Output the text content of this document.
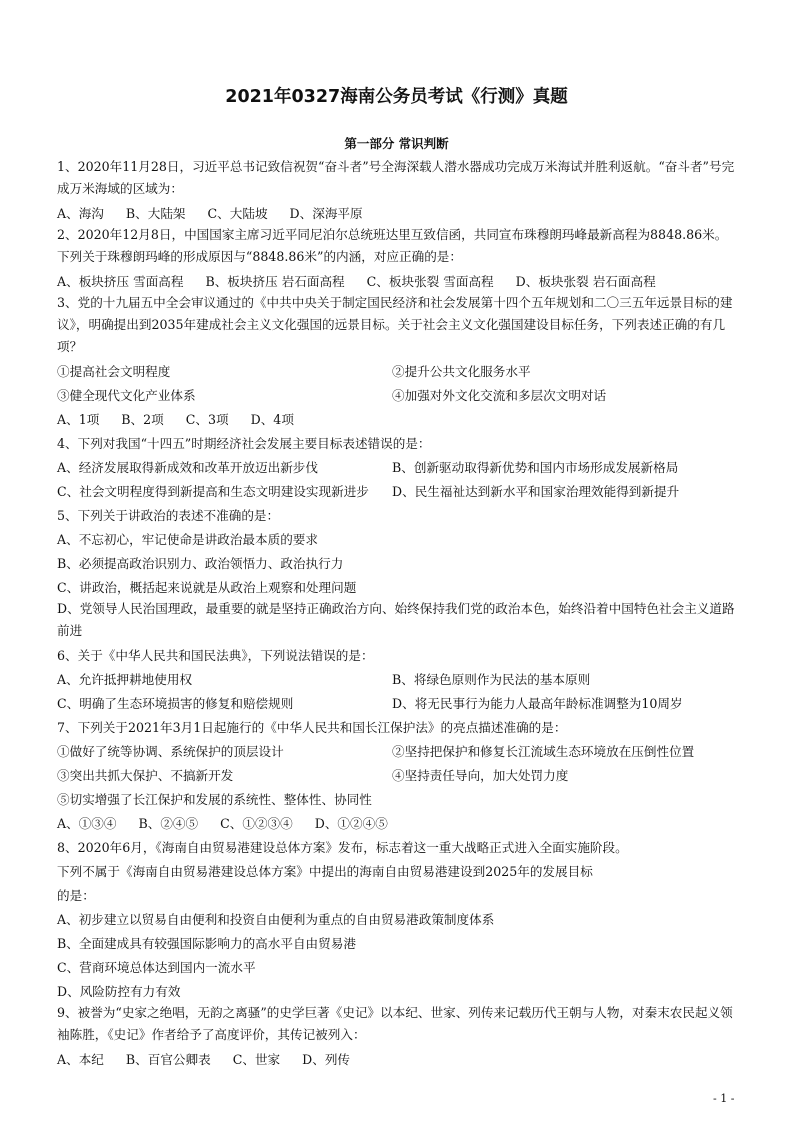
2021年0327海南公务员考试《行测》真题
第一部分 常识判断

1、2020年11月28日，习近平总书记致信祝贺“奋斗者”号全海深载人潜水器成功完成万米海试并胜利返航。“奋斗者”号完成万米海域的区域为：

A、海沟 B、大陆架 C、大陆坡 D、深海平原

2、2020年12月8日，中国国家主席习近平同尼泊尔总统班达里互致信函，共同宣布珠穆朗玛峰最新高程为8848.86米。下列关于珠穆朗玛峰的形成原因与“8848.86米”的内涵，对应正确的是：

A、板块挤压 雪面高程 B、板块挤压 岩石面高程 C、板块张裂 雪面高程 D、板块张裂 岩石面高程

3、党的十九届五中全会审议通过的《中共中央关于制定国民经济和社会发展第十四个五年规划和二〇三五年远景目标的建议》，明确提出到2035年建成社会主义文化强国的远景目标。关于社会主义文化强国建设目标任务，下列表述正确的有几项？

①提高社会文明程度	②提升公共文化服务水平
③健全现代文化产业体系	④加强对外文化交流和多层次文明对话
A、1项 B、2项 C、3项 D、4项
4、下列对我国“十四五”时期经济社会发展主要目标表述错误的是：
A、经济发展取得新成效和改革开放迈出新步伐	B、创新驱动取得新优势和国内市场形成发展新格局
C、社会文明程度得到新提高和生态文明建设实现新进步	D、民生福祉达到新水平和国家治理效能得到新提升
5、下列关于讲政治的表述不准确的是：
A、不忘初心，牢记使命是讲政治最本质的要求
B、必须提高政治识别力、政治领悟力、政治执行力
C、讲政治，概括起来说就是从政治上观察和处理问题

D、党领导人民治国理政，最重要的就是坚持正确政治方向、始终保持我们党的政治本色，始终沿着中国特色社会主义道路前进

6、关于《中华人民共和国民法典》，下列说法错误的是：
A、允许抵押耕地使用权	B、将绿色原则作为民法的基本原则
C、明确了生态环境损害的修复和赔偿规则	D、将无民事行为能力人最高年龄标准调整为10周岁
7、下列关于2021年3月1日起施行的《中华人民共和国长江保护法》的亮点描述准确的是：
①做好了统等协调、系统保护的顶层设计	②坚持把保护和修复长江流域生态环境放在压倒性位置
③突出共抓大保护、不搞新开发	④坚持责任导向，加大处罚力度
⑤切实增强了长江保护和发展的系统性、整体性、协同性
A、①③④ B、②④⑤ C、①②③④ D、①②④⑤
8、2020年6月，《海南自由贸易港建设总体方案》发布，标志着这一重大战略正式进入全面实施阶段。
下列不属于《海南自由贸易港建设总体方案》中提出的海南自由贸易港建设到2025年的发展目标
的是：
A、初步建立以贸易自由便利和投资自由便利为重点的自由贸易港政策制度体系
B、全面建成具有较强国际影响力的高水平自由贸易港
C、营商环境总体达到国内一流水平
D、风险防控有力有效

9、被誉为“史家之绝唱，无韵之离骚”的史学巨著《史记》以本纪、世家、列传来记载历代王朝与人物，对秦末农民起义领袖陈胜，《史记》作者给予了高度评价，其传记被列入：

A、本纪 B、百官公卿表 C、世家 D、列传
- 1 -
